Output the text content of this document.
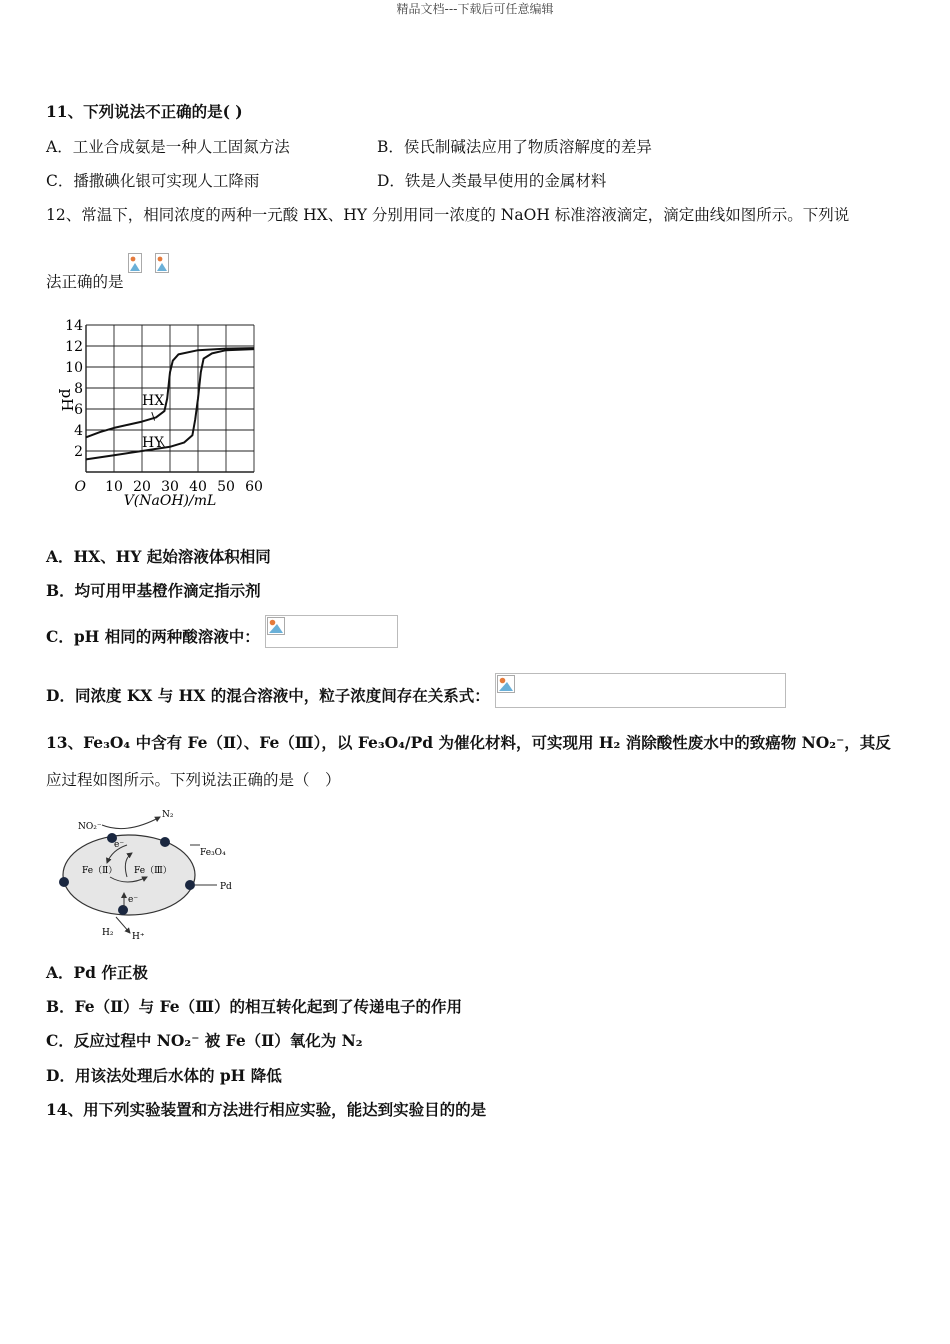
精品文档---下载后可任意编辑
11、下列说法不正确的是( )
A．工业合成氨是一种人工固氮方法	B．侯氏制碱法应用了物质溶解度的差异
C．播撒碘化银可实现人工降雨	D．铁是人类最早使用的金属材料
12、常温下，相同浓度的两种一元酸 HX、HY 分别用同一浓度的 NaOH 标准溶液滴定，滴定曲线如图所示。下列说
法正确的是
O 10 20 30 40 50 60
2
4
6
8
10
12
14
pH
V(NaOH)/mL
HX
HY
A．HX、HY 起始溶液体积相同
B．均可用甲基橙作滴定指示剂
C．pH 相同的两种酸溶液中：
D．同浓度 KX 与 HX 的混合溶液中，粒子浓度间存在关系式：
13、Fe₃O₄ 中含有 Fe（Ⅱ）、Fe（Ⅲ），以 Fe₃O₄/Pd 为催化材料，可实现用 H₂ 消除酸性废水中的致癌物 NO₂⁻，其反
应过程如图所示。下列说法正确的是（　）
NO₂⁻
N₂
Fe₃O₄
Pd
Fe（Ⅱ） Fe（Ⅲ）
e⁻
e⁻
H₂ H⁺
A．Pd 作正极
B．Fe（Ⅱ）与 Fe（Ⅲ）的相互转化起到了传递电子的作用
C．反应过程中 NO₂⁻ 被 Fe（Ⅱ）氧化为 N₂
D．用该法处理后水体的 pH 降低
14、用下列实验装置和方法进行相应实验，能达到实验目的的是
